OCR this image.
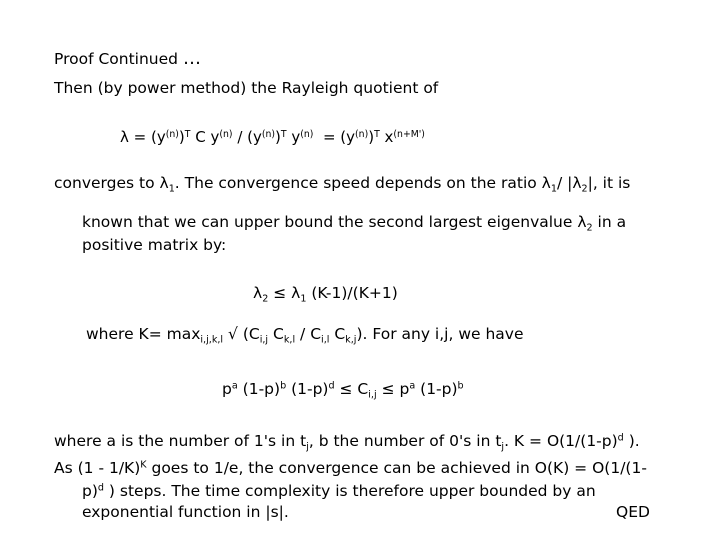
Proof Continued …
Then (by power method) the Rayleigh quotient of
$\lambda = (y^{(n)})^T$ C $y^{(n)} / (y^{(n)})^T$ $y^{(n)} = (y^{(n)})^T$ $x^{(n+M')}$
converges to $\lambda_1$. The convergence speed depends on the ratio $\lambda_1/$ $|\lambda_2|$, it is
known that we can upper bound the second largest eigenvalue $\lambda_2$ in a
positive matrix by:
$\lambda_2 \le \lambda_1$ (K-1)/(K+1)
where $K= \max_{i,j,k,l}$ √ ($C_{i,j}$ $C_{k,l} / C_{i,l}$ $C_{k,j}$). For any i,j, we have
$p^a$ $(1-p)^b$ $(1-p)^d \le C_{i,j} \le p^a$ $(1-p)^b$
where a is the number of 1's in $t_j$, b the number of 0's in $t_j$. $K = O(1/(1-p)^d$ ).
As (1 - 1/K)$^K$ goes to 1/e, the convergence can be achieved in O(K) = O(1/(1-
p)$^d$ ) steps. The time complexity is therefore upper bounded by an
exponential function in |s|.	QED
